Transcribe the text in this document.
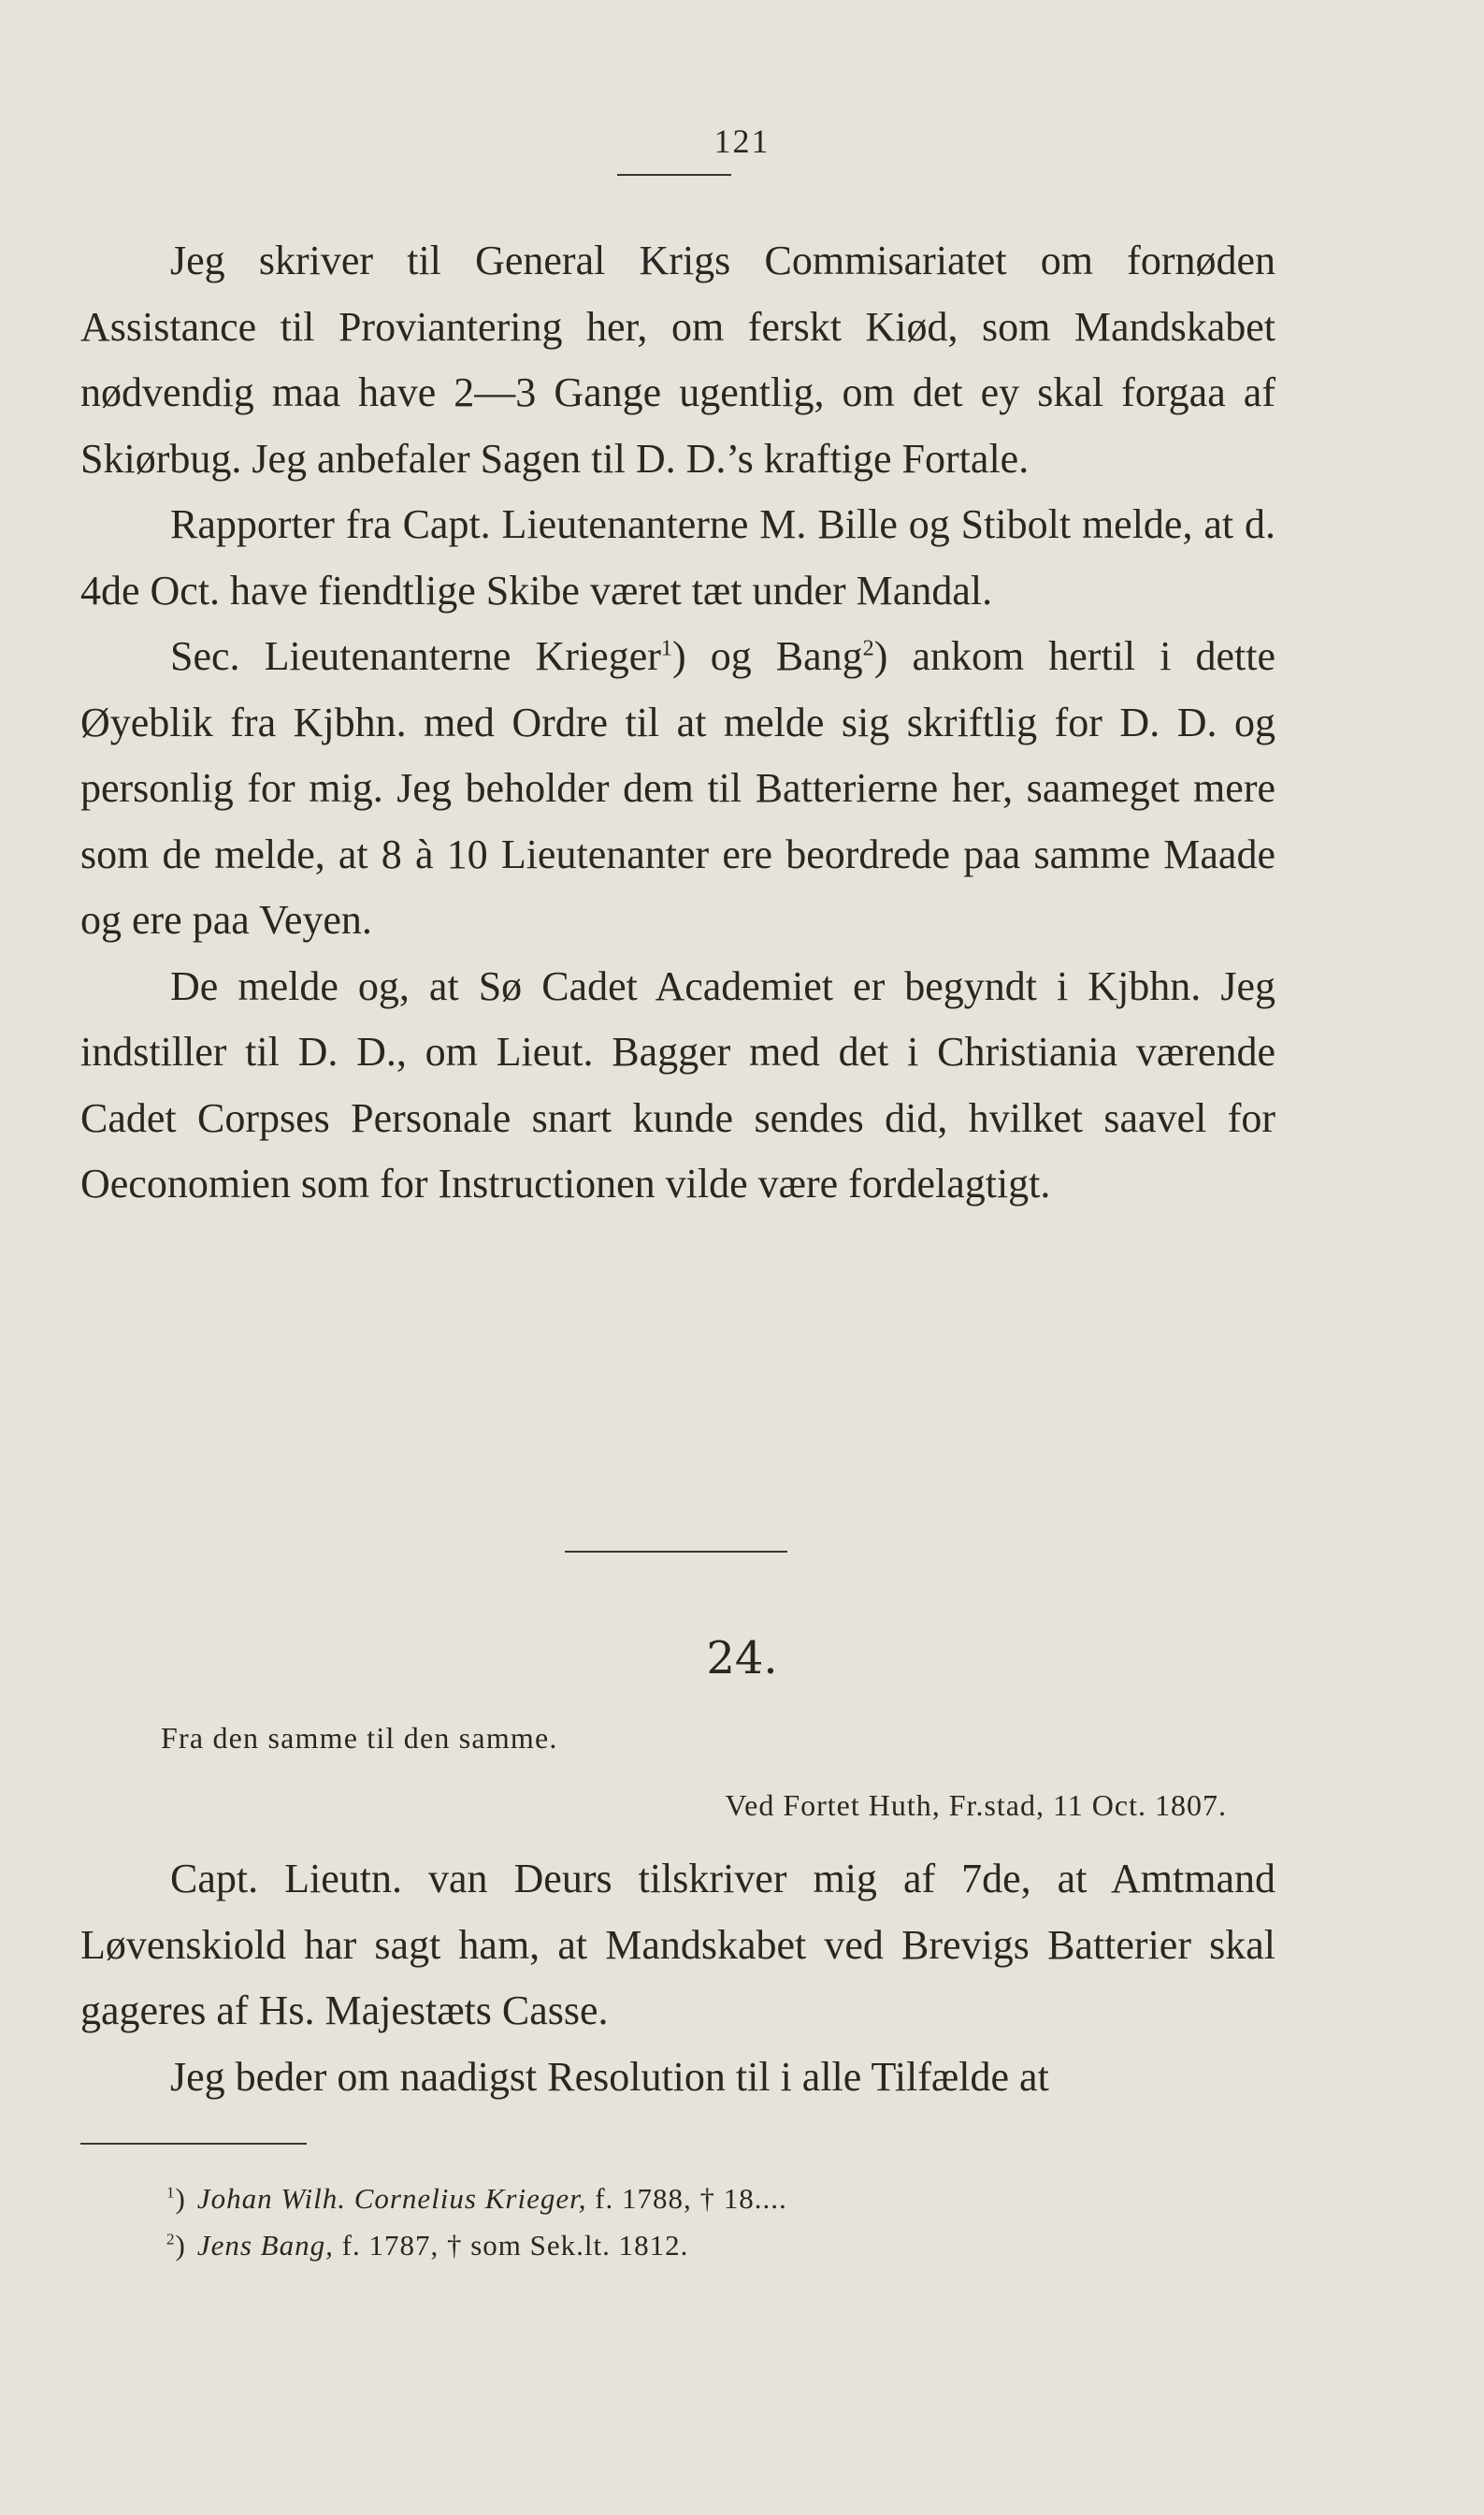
121

Jeg skriver til General Krigs Commisariatet om fornøden Assistance til Proviantering her, om ferskt Kiød, som Mandskabet nødvendig maa have 2—3 Gange ugentlig, om det ey skal forgaa af Skiørbug. Jeg anbefaler Sagen til D. D.’s kraftige Fortale.

Rapporter fra Capt. Lieutenanterne M. Bille og Stibolt melde, at d. 4de Oct. have fiendtlige Skibe været tæt under Mandal.

Sec. Lieutenanterne Krieger$^1$) og Bang$^2$) ankom hertil i dette Øyeblik fra Kjbhn. med Ordre til at melde sig skriftlig for D. D. og personlig for mig. Jeg beholder dem til Batterierne her, saameget mere som de melde, at 8 à 10 Lieutenanter ere beordrede paa samme Maade og ere paa Veyen.

De melde og, at Sø Cadet Academiet er begyndt i Kjbhn. Jeg indstiller til D. D., om Lieut. Bagger med det i Christiania værende Cadet Corpses Personale snart kunde sendes did, hvilket saavel for Oeconomien som for Instructionen vilde være fordelagtigt.

24.
Fra den samme til den samme.
Ved Fortet Huth, Fr.stad, 11 Oct. 1807.

Capt. Lieutn. van Deurs tilskriver mig af 7de, at Amtmand Løvenskiold har sagt ham, at Mandskabet ved Brevigs Batterier skal gageres af Hs. Majestæts Casse.

Jeg beder om naadigst Resolution til i alle Tilfælde at

$^1$) Johan Wilh. Cornelius Krieger, f. 1788, † 18....
$^2$) Jens Bang, f. 1787, † som Sek.lt. 1812.
